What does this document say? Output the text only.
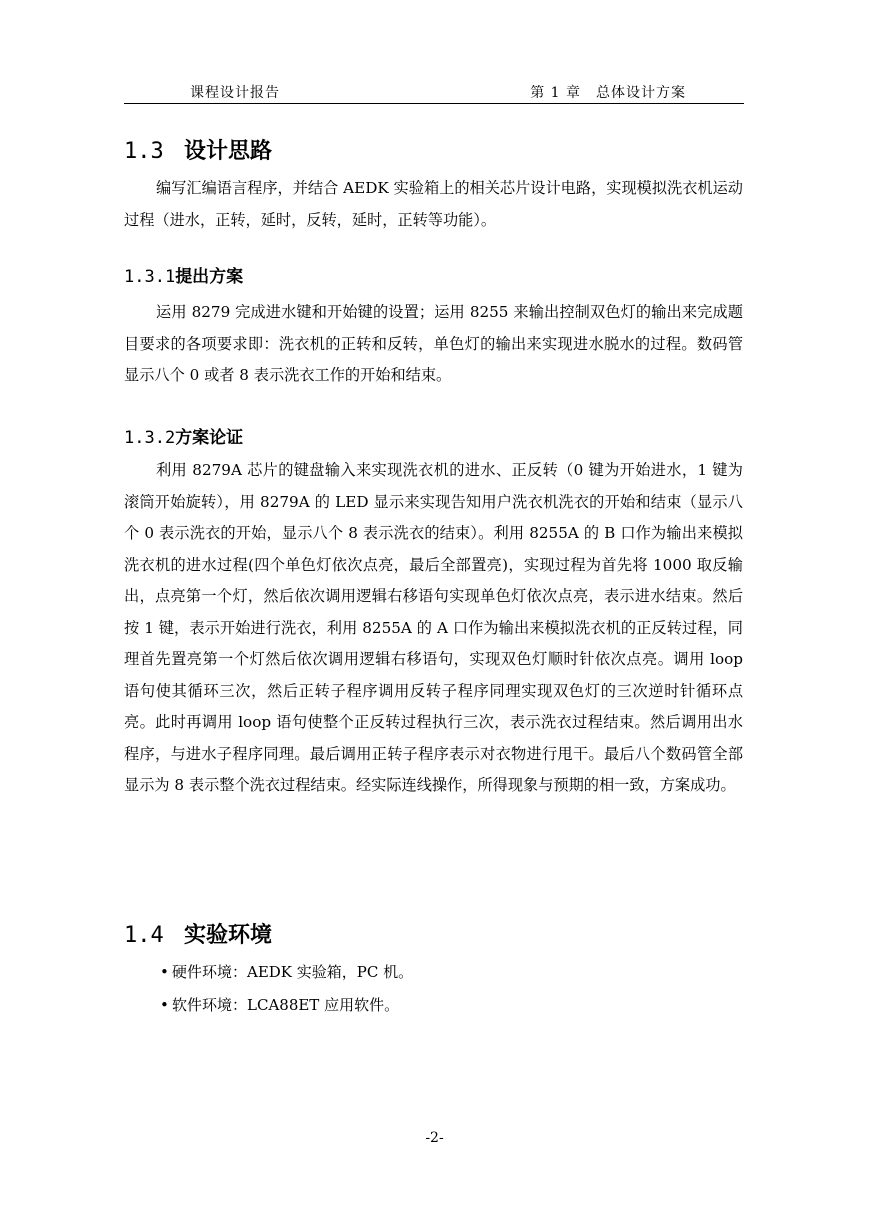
课程设计报告	第 1 章　总体设计方案
1.3 设计思路
编写汇编语言程序，并结合 AEDK 实验箱上的相关芯片设计电路，实现模拟洗衣机运动过程（进水，正转，延时，反转，延时，正转等功能）。
1.3.1提出方案
运用 8279 完成进水键和开始键的设置；运用 8255 来输出控制双色灯的输出来完成题目要求的各项要求即：洗衣机的正转和反转，单色灯的输出来实现进水脱水的过程。数码管显示八个 0 或者 8 表示洗衣工作的开始和结束。
1.3.2方案论证
利用 8279A 芯片的键盘输入来实现洗衣机的进水、正反转（0 键为开始进水，1 键为滚筒开始旋转），用 8279A 的 LED 显示来实现告知用户洗衣机洗衣的开始和结束（显示八个 0 表示洗衣的开始，显示八个 8 表示洗衣的结束）。利用 8255A 的 B 口作为输出来模拟洗衣机的进水过程(四个单色灯依次点亮，最后全部置亮)，实现过程为首先将 1000 取反输出，点亮第一个灯，然后依次调用逻辑右移语句实现单色灯依次点亮，表示进水结束。然后按 1 键，表示开始进行洗衣，利用 8255A 的 A 口作为输出来模拟洗衣机的正反转过程，同理首先置亮第一个灯然后依次调用逻辑右移语句，实现双色灯顺时针依次点亮。调用 loop 语句使其循环三次，然后正转子程序调用反转子程序同理实现双色灯的三次逆时针循环点亮。此时再调用 loop 语句使整个正反转过程执行三次，表示洗衣过程结束。然后调用出水程序，与进水子程序同理。最后调用正转子程序表示对衣物进行甩干。最后八个数码管全部显示为 8 表示整个洗衣过程结束。经实际连线操作，所得现象与预期的相一致，方案成功。
1.4 实验环境
• 硬件环境：AEDK 实验箱，PC 机。
• 软件环境：LCA88ET 应用软件。
-2-
